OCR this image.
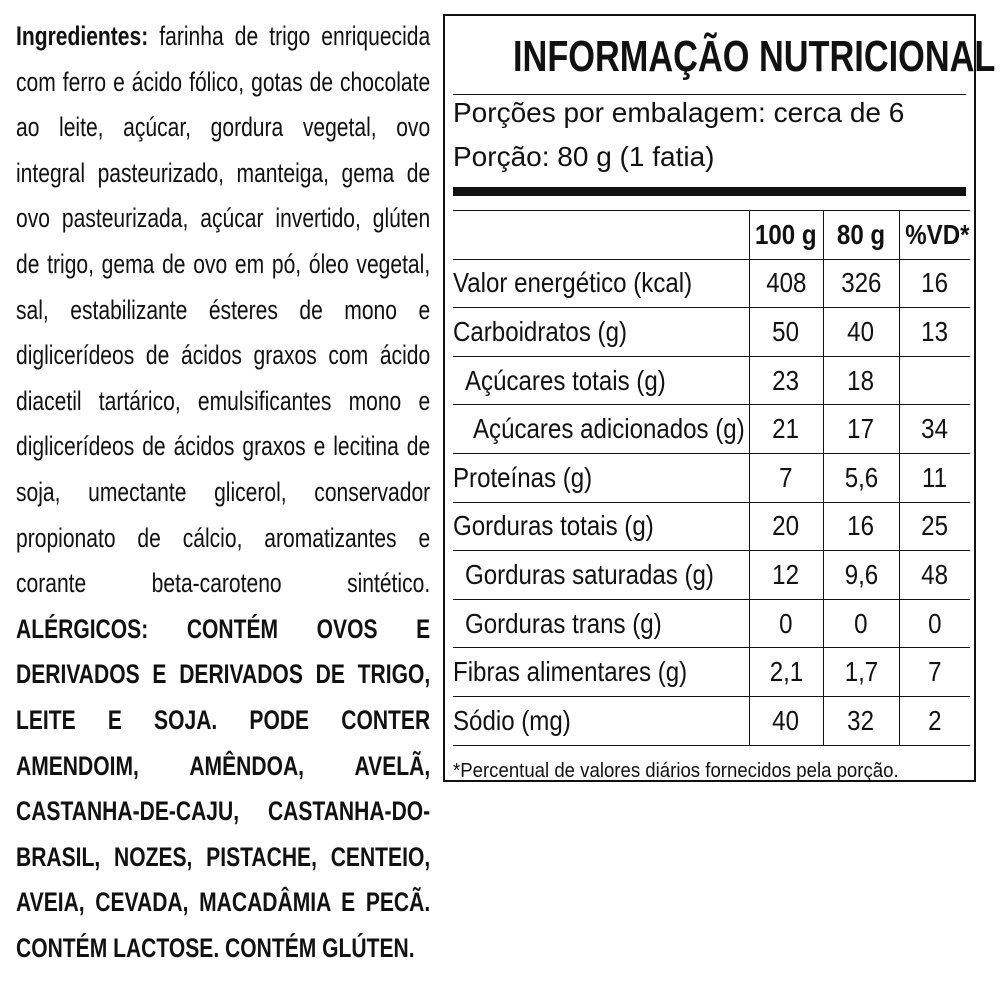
Ingredientes: farinha de trigo enriquecida com ferro e ácido fólico, gotas de chocolate ao leite, açúcar, gordura vegetal, ovo integral pasteurizado, manteiga, gema de ovo pasteurizada, açúcar invertido, glúten de trigo, gema de ovo em pó, óleo vegetal, sal, estabilizante ésteres de mono e diglicerídeos de ácidos graxos com ácido diacetil tartárico, emulsificantes mono e diglicerídeos de ácidos graxos e lecitina de soja, umectante glicerol, conservador propionato de cálcio, aromatizantes e corante beta-caroteno sintético. ALÉRGICOS: CONTÉM OVOS E DERIVADOS E DERIVADOS DE TRIGO, LEITE E SOJA. PODE CONTER AMENDOIM, AMÊNDOA, AVELÃ, CASTANHA-DE-CAJU, CASTANHA-DO-BRASIL, NOZES, PISTACHE, CENTEIO, AVEIA, CEVADA, MACADÂMIA E PECÃ. CONTÉM LACTOSE. CONTÉM GLÚTEN.
INFORMAÇÃO NUTRICIONAL
Porções por embalagem: cerca de 6
Porção: 80 g (1 fatia)
	100 g	80 g	%VD*
Valor energético (kcal)	408	326	16
Carboidratos (g)	50	40	13
Açúcares totais (g)	23	18	
Açúcares adicionados (g)	21	17	34
Proteínas (g)	7	5,6	11
Gorduras totais (g)	20	16	25
Gorduras saturadas (g)	12	9,6	48
Gorduras trans (g)	0	0	0
Fibras alimentares (g)	2,1	1,7	7
Sódio (mg)	40	32	2
*Percentual de valores diários fornecidos pela porção.
